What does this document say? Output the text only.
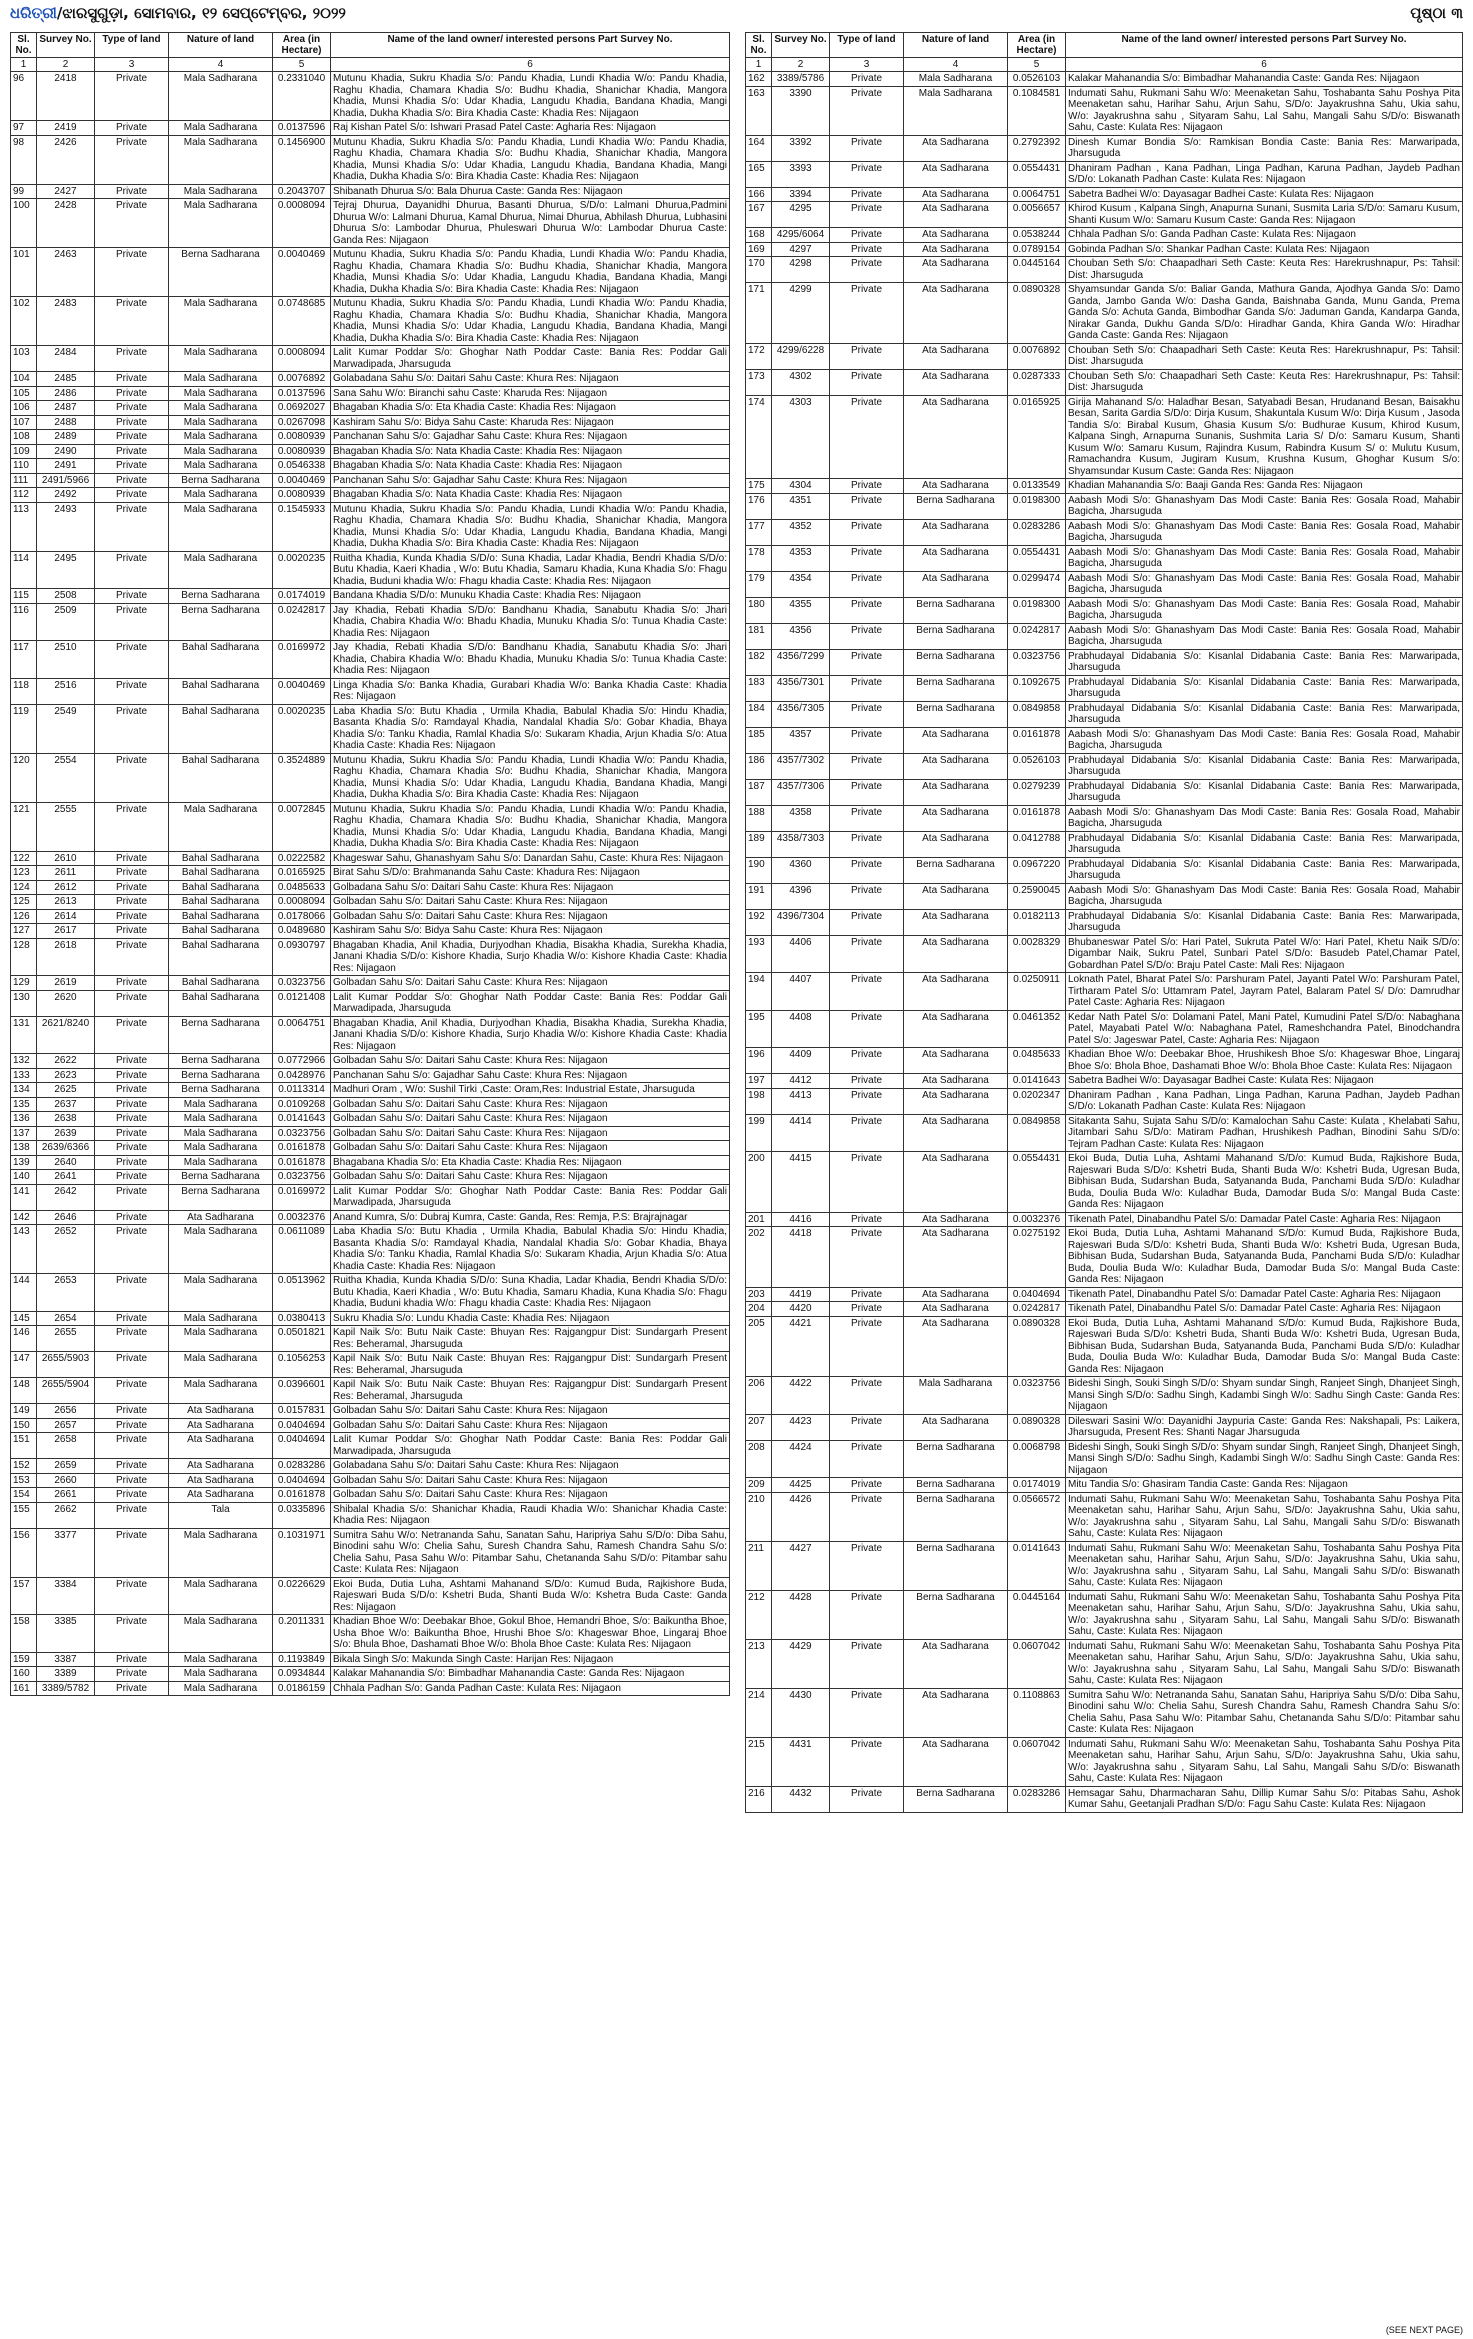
ଧରିତ୍ରୀ/ଝାରସୁଗୁଡ଼ା, ସୋମବାର, ୧୨ ସେପ୍ଟେମ୍ବର, ୨୦୨୨	ପୃଷ୍ଠା ୩
Sl. No.	Survey No.	Type of land	Nature of land	Area (in Hectare)	Name of the land owner/ interested persons Part Survey No.
1	2	3	4	5	6
96	2418	Private	Mala Sadharana	0.2331040	Mutunu Khadia, Sukru Khadia S/o: Pandu Khadia, Lundi Khadia W/o: Pandu Khadia, Raghu Khadia, Chamara Khadia S/o: Budhu Khadia, Shanichar Khadia, Mangora Khadia, Munsi Khadia S/o: Udar Khadia, Langudu Khadia, Bandana Khadia, Mangi Khadia, Dukha Khadia S/o: Bira Khadia Caste: Khadia Res: Nijagaon
97	2419	Private	Mala Sadharana	0.0137596	Raj Kishan Patel S/o: Ishwari Prasad Patel Caste: Agharia Res: Nijagaon
98	2426	Private	Mala Sadharana	0.1456900	Mutunu Khadia, Sukru Khadia S/o: Pandu Khadia, Lundi Khadia W/o: Pandu Khadia, Raghu Khadia, Chamara Khadia S/o: Budhu Khadia, Shanichar Khadia, Mangora Khadia, Munsi Khadia S/o: Udar Khadia, Langudu Khadia, Bandana Khadia, Mangi Khadia, Dukha Khadia S/o: Bira Khadia Caste: Khadia Res: Nijagaon
99	2427	Private	Mala Sadharana	0.2043707	Shibanath Dhurua S/o: Bala Dhurua Caste: Ganda Res: Nijagaon
100	2428	Private	Mala Sadharana	0.0008094	Tejraj Dhurua, Dayanidhi Dhurua, Basanti Dhurua, S/D/o: Lalmani Dhurua,Padmini Dhurua W/o: Lalmani Dhurua, Kamal Dhurua, Nimai Dhurua, Abhilash Dhurua, Lubhasini Dhurua S/o: Lambodar Dhurua, Phuleswari Dhurua W/o: Lambodar Dhurua Caste: Ganda Res: Nijagaon
101	2463	Private	Berna Sadharana	0.0040469	Mutunu Khadia, Sukru Khadia S/o: Pandu Khadia, Lundi Khadia W/o: Pandu Khadia, Raghu Khadia, Chamara Khadia S/o: Budhu Khadia, Shanichar Khadia, Mangora Khadia, Munsi Khadia S/o: Udar Khadia, Langudu Khadia, Bandana Khadia, Mangi Khadia, Dukha Khadia S/o: Bira Khadia Caste: Khadia Res: Nijagaon
102	2483	Private	Mala Sadharana	0.0748685	Mutunu Khadia, Sukru Khadia S/o: Pandu Khadia, Lundi Khadia W/o: Pandu Khadia, Raghu Khadia, Chamara Khadia S/o: Budhu Khadia, Shanichar Khadia, Mangora Khadia, Munsi Khadia S/o: Udar Khadia, Langudu Khadia, Bandana Khadia, Mangi Khadia, Dukha Khadia S/o: Bira Khadia Caste: Khadia Res: Nijagaon
103	2484	Private	Mala Sadharana	0.0008094	Lalit Kumar Poddar S/o: Ghoghar Nath Poddar Caste: Bania Res: Poddar Gali Marwadipada, Jharsuguda
104	2485	Private	Mala Sadharana	0.0076892	Golabadana Sahu S/o: Daitari Sahu Caste: Khura Res: Nijagaon
105	2486	Private	Mala Sadharana	0.0137596	Sana Sahu W/o: Biranchi sahu Caste: Kharuda Res: Nijagaon
106	2487	Private	Mala Sadharana	0.0692027	Bhagaban Khadia S/o: Eta Khadia Caste: Khadia Res: Nijagaon
107	2488	Private	Mala Sadharana	0.0267098	Kashiram Sahu S/o: Bidya Sahu Caste: Kharuda Res: Nijagaon
108	2489	Private	Mala Sadharana	0.0080939	Panchanan Sahu S/o: Gajadhar Sahu Caste: Khura Res: Nijagaon
109	2490	Private	Mala Sadharana	0.0080939	Bhagaban Khadia S/o: Nata Khadia Caste: Khadia Res: Nijagaon
110	2491	Private	Mala Sadharana	0.0546338	Bhagaban Khadia S/o: Nata Khadia Caste: Khadia Res: Nijagaon
111	2491/5966	Private	Berna Sadharana	0.0040469	Panchanan Sahu S/o: Gajadhar Sahu Caste: Khura Res: Nijagaon
112	2492	Private	Mala Sadharana	0.0080939	Bhagaban Khadia S/o: Nata Khadia Caste: Khadia Res: Nijagaon
113	2493	Private	Mala Sadharana	0.1545933	Mutunu Khadia, Sukru Khadia S/o: Pandu Khadia, Lundi Khadia W/o: Pandu Khadia, Raghu Khadia, Chamara Khadia S/o: Budhu Khadia, Shanichar Khadia, Mangora Khadia, Munsi Khadia S/o: Udar Khadia, Langudu Khadia, Bandana Khadia, Mangi Khadia, Dukha Khadia S/o: Bira Khadia Caste: Khadia Res: Nijagaon
114	2495	Private	Mala Sadharana	0.0020235	Ruitha Khadia, Kunda Khadia S/D/o: Suna Khadia, Ladar Khadia, Bendri Khadia S/D/o: Butu Khadia, Kaeri Khadia , W/o: Butu Khadia, Samaru Khadia, Kuna Khadia S/o: Fhagu Khadia, Buduni khadia W/o: Fhagu khadia Caste: Khadia Res: Nijagaon
115	2508	Private	Berna Sadharana	0.0174019	Bandana Khadia S/D/o: Munuku Khadia Caste: Khadia Res: Nijagaon
116	2509	Private	Berna Sadharana	0.0242817	Jay Khadia, Rebati Khadia S/D/o: Bandhanu Khadia, Sanabutu Khadia S/o: Jhari Khadia, Chabira Khadia W/o: Bhadu Khadia, Munuku Khadia S/o: Tunua Khadia Caste: Khadia Res: Nijagaon
117	2510	Private	Bahal Sadharana	0.0169972	Jay Khadia, Rebati Khadia S/D/o: Bandhanu Khadia, Sanabutu Khadia S/o: Jhari Khadia, Chabira Khadia W/o: Bhadu Khadia, Munuku Khadia S/o: Tunua Khadia Caste: Khadia Res: Nijagaon
118	2516	Private	Bahal Sadharana	0.0040469	Linga Khadia S/o: Banka Khadia, Gurabari Khadia W/o: Banka Khadia Caste: Khadia Res: Nijagaon
119	2549	Private	Bahal Sadharana	0.0020235	Laba Khadia S/o: Butu Khadia , Urmila Khadia, Babulal Khadia S/o: Hindu Khadia, Basanta Khadia S/o: Ramdayal Khadia, Nandalal Khadia S/o: Gobar Khadia, Bhaya Khadia S/o: Tanku Khadia, Ramlal Khadia S/o: Sukaram Khadia, Arjun Khadia S/o: Atua Khadia Caste: Khadia Res: Nijagaon
120	2554	Private	Bahal Sadharana	0.3524889	Mutunu Khadia, Sukru Khadia S/o: Pandu Khadia, Lundi Khadia W/o: Pandu Khadia, Raghu Khadia, Chamara Khadia S/o: Budhu Khadia, Shanichar Khadia, Mangora Khadia, Munsi Khadia S/o: Udar Khadia, Langudu Khadia, Bandana Khadia, Mangi Khadia, Dukha Khadia S/o: Bira Khadia Caste: Khadia Res: Nijagaon
121	2555	Private	Mala Sadharana	0.0072845	Mutunu Khadia, Sukru Khadia S/o: Pandu Khadia, Lundi Khadia W/o: Pandu Khadia, Raghu Khadia, Chamara Khadia S/o: Budhu Khadia, Shanichar Khadia, Mangora Khadia, Munsi Khadia S/o: Udar Khadia, Langudu Khadia, Bandana Khadia, Mangi Khadia, Dukha Khadia S/o: Bira Khadia Caste: Khadia Res: Nijagaon
122	2610	Private	Bahal Sadharana	0.0222582	Khageswar Sahu, Ghanashyam Sahu S/o: Danardan Sahu, Caste: Khura Res: Nijagaon
123	2611	Private	Bahal Sadharana	0.0165925	Birat Sahu S/D/o: Brahmananda Sahu Caste: Khadura Res: Nijagaon
124	2612	Private	Bahal Sadharana	0.0485633	Golbadana Sahu S/o: Daitari Sahu Caste: Khura Res: Nijagaon
125	2613	Private	Bahal Sadharana	0.0008094	Golbadan Sahu S/o: Daitari Sahu Caste: Khura Res: Nijagaon
126	2614	Private	Bahal Sadharana	0.0178066	Golbadan Sahu S/o: Daitari Sahu Caste: Khura Res: Nijagaon
127	2617	Private	Bahal Sadharana	0.0489680	Kashiram Sahu S/o: Bidya Sahu Caste: Khura Res: Nijagaon
128	2618	Private	Bahal Sadharana	0.0930797	Bhagaban Khadia, Anil Khadia, Durjyodhan Khadia, Bisakha Khadia, Surekha Khadia, Janani Khadia S/D/o: Kishore Khadia, Surjo Khadia W/o: Kishore Khadia Caste: Khadia Res: Nijagaon
129	2619	Private	Bahal Sadharana	0.0323756	Golbadan Sahu S/o: Daitari Sahu Caste: Khura Res: Nijagaon
130	2620	Private	Bahal Sadharana	0.0121408	Lalit Kumar Poddar S/o: Ghoghar Nath Poddar Caste: Bania Res: Poddar Gali Marwadipada, Jharsuguda
131	2621/8240	Private	Berna Sadharana	0.0064751	Bhagaban Khadia, Anil Khadia, Durjyodhan Khadia, Bisakha Khadia, Surekha Khadia, Janani Khadia S/D/o: Kishore Khadia, Surjo Khadia W/o: Kishore Khadia Caste: Khadia Res: Nijagaon
132	2622	Private	Berna Sadharana	0.0772966	Golbadan Sahu S/o: Daitari Sahu Caste: Khura Res: Nijagaon
133	2623	Private	Berna Sadharana	0.0428976	Panchanan Sahu S/o: Gajadhar Sahu Caste: Khura Res: Nijagaon
134	2625	Private	Berna Sadharana	0.0113314	Madhuri Oram , W/o: Sushil Tirki ,Caste: Oram,Res: Industrial Estate, Jharsuguda
135	2637	Private	Mala Sadharana	0.0109268	Golbadan Sahu S/o: Daitari Sahu Caste: Khura Res: Nijagaon
136	2638	Private	Mala Sadharana	0.0141643	Golbadan Sahu S/o: Daitari Sahu Caste: Khura Res: Nijagaon
137	2639	Private	Mala Sadharana	0.0323756	Golbadan Sahu S/o: Daitari Sahu Caste: Khura Res: Nijagaon
138	2639/6366	Private	Mala Sadharana	0.0161878	Golbadan Sahu S/o: Daitari Sahu Caste: Khura Res: Nijagaon
139	2640	Private	Mala Sadharana	0.0161878	Bhagabana Khadia S/o: Eta Khadia Caste: Khadia Res: Nijagaon
140	2641	Private	Berna Sadharana	0.0323756	Golbadan Sahu S/o: Daitari Sahu Caste: Khura Res: Nijagaon
141	2642	Private	Berna Sadharana	0.0169972	Lalit Kumar Poddar S/o: Ghoghar Nath Poddar Caste: Bania Res: Poddar Gali Marwadipada, Jharsuguda
142	2646	Private	Ata Sadharana	0.0032376	Anand Kumra, S/o: Dubraj Kumra, Caste: Ganda, Res: Remja, P.S: Brajrajnagar
143	2652	Private	Mala Sadharana	0.0611089	Laba Khadia S/o: Butu Khadia , Urmila Khadia, Babulal Khadia S/o: Hindu Khadia, Basanta Khadia S/o: Ramdayal Khadia, Nandalal Khadia S/o: Gobar Khadia, Bhaya Khadia S/o: Tanku Khadia, Ramlal Khadia S/o: Sukaram Khadia, Arjun Khadia S/o: Atua Khadia Caste: Khadia Res: Nijagaon
144	2653	Private	Mala Sadharana	0.0513962	Ruitha Khadia, Kunda Khadia S/D/o: Suna Khadia, Ladar Khadia, Bendri Khadia S/D/o: Butu Khadia, Kaeri Khadia , W/o: Butu Khadia, Samaru Khadia, Kuna Khadia S/o: Fhagu Khadia, Buduni khadia W/o: Fhagu khadia Caste: Khadia Res: Nijagaon
145	2654	Private	Mala Sadharana	0.0380413	Sukru Khadia S/o: Lundu Khadia Caste: Khadia Res: Nijagaon
146	2655	Private	Mala Sadharana	0.0501821	Kapil Naik S/o: Butu Naik Caste: Bhuyan Res: Rajgangpur Dist: Sundargarh Present Res: Beheramal, Jharsuguda
147	2655/5903	Private	Mala Sadharana	0.1056253	Kapil Naik S/o: Butu Naik Caste: Bhuyan Res: Rajgangpur Dist: Sundargarh Present Res: Beheramal, Jharsuguda
148	2655/5904	Private	Mala Sadharana	0.0396601	Kapil Naik S/o: Butu Naik Caste: Bhuyan Res: Rajgangpur Dist: Sundargarh Present Res: Beheramal, Jharsuguda
149	2656	Private	Ata Sadharana	0.0157831	Golbadan Sahu S/o: Daitari Sahu Caste: Khura Res: Nijagaon
150	2657	Private	Ata Sadharana	0.0404694	Golbadan Sahu S/o: Daitari Sahu Caste: Khura Res: Nijagaon
151	2658	Private	Ata Sadharana	0.0404694	Lalit Kumar Poddar S/o: Ghoghar Nath Poddar Caste: Bania Res: Poddar Gali Marwadipada, Jharsuguda
152	2659	Private	Ata Sadharana	0.0283286	Golabadana Sahu S/o: Daitari Sahu Caste: Khura Res: Nijagaon
153	2660	Private	Ata Sadharana	0.0404694	Golbadan Sahu S/o: Daitari Sahu Caste: Khura Res: Nijagaon
154	2661	Private	Ata Sadharana	0.0161878	Golbadan Sahu S/o: Daitari Sahu Caste: Khura Res: Nijagaon
155	2662	Private	Tala	0.0335896	Shibalal Khadia S/o: Shanichar Khadia, Raudi Khadia W/o: Shanichar Khadia Caste: Khadia Res: Nijagaon
156	3377	Private	Mala Sadharana	0.1031971	Sumitra Sahu W/o: Netrananda Sahu, Sanatan Sahu, Haripriya Sahu S/D/o: Diba Sahu, Binodini sahu W/o: Chelia Sahu, Suresh Chandra Sahu, Ramesh Chandra Sahu S/o: Chelia Sahu, Pasa Sahu W/o: Pitambar Sahu, Chetananda Sahu S/D/o: Pitambar sahu Caste: Kulata Res: Nijagaon
157	3384	Private	Mala Sadharana	0.0226629	Ekoi Buda, Dutia Luha, Ashtami Mahanand S/D/o: Kumud Buda, Rajkishore Buda, Rajeswari Buda S/D/o: Kshetri Buda, Shanti Buda W/o: Kshetra Buda Caste: Ganda Res: Nijagaon
158	3385	Private	Mala Sadharana	0.2011331	Khadian Bhoe W/o: Deebakar Bhoe, Gokul Bhoe, Hemandri Bhoe, S/o: Baikuntha Bhoe, Usha Bhoe W/o: Baikuntha Bhoe, Hrushi Bhoe S/o: Khageswar Bhoe, Lingaraj Bhoe S/o: Bhula Bhoe, Dashamati Bhoe W/o: Bhola Bhoe Caste: Kulata Res: Nijagaon
159	3387	Private	Mala Sadharana	0.1193849	Bikala Singh S/o: Makunda Singh Caste: Harijan Res: Nijagaon
160	3389	Private	Mala Sadharana	0.0934844	Kalakar Mahanandia S/o: Bimbadhar Mahanandia Caste: Ganda Res: Nijagaon
161	3389/5782	Private	Mala Sadharana	0.0186159	Chhala Padhan S/o: Ganda Padhan Caste: Kulata Res: Nijagaon
Sl. No.	Survey No.	Type of land	Nature of land	Area (in Hectare)	Name of the land owner/ interested persons Part Survey No.
1	2	3	4	5	6
162	3389/5786	Private	Mala Sadharana	0.0526103	Kalakar Mahanandia S/o: Bimbadhar Mahanandia Caste: Ganda Res: Nijagaon
163	3390	Private	Mala Sadharana	0.1084581	Indumati Sahu, Rukmani Sahu W/o: Meenaketan Sahu, Toshabanta Sahu Poshya Pita Meenaketan sahu, Harihar Sahu, Arjun Sahu, S/D/o: Jayakrushna Sahu, Ukia sahu, W/o: Jayakrushna sahu , Sityaram Sahu, Lal Sahu, Mangali Sahu S/D/o: Biswanath Sahu, Caste: Kulata Res: Nijagaon
164	3392	Private	Ata Sadharana	0.2792392	Dinesh Kumar Bondia S/o: Ramkisan Bondia Caste: Bania Res: Marwaripada, Jharsuguda
165	3393	Private	Ata Sadharana	0.0554431	Dhaniram Padhan , Kana Padhan, Linga Padhan, Karuna Padhan, Jaydeb Padhan S/D/o: Lokanath Padhan Caste: Kulata Res: Nijagaon
166	3394	Private	Ata Sadharana	0.0064751	Sabetra Badhei W/o: Dayasagar Badhei Caste: Kulata Res: Nijagaon
167	4295	Private	Ata Sadharana	0.0056657	Khirod Kusum , Kalpana Singh, Anapurna Sunani, Susmita Laria S/D/o: Samaru Kusum, Shanti Kusum W/o: Samaru Kusum Caste: Ganda Res: Nijagaon
168	4295/6064	Private	Ata Sadharana	0.0538244	Chhala Padhan S/o: Ganda Padhan Caste: Kulata Res: Nijagaon
169	4297	Private	Ata Sadharana	0.0789154	Gobinda Padhan S/o: Shankar Padhan Caste: Kulata Res: Nijagaon
170	4298	Private	Ata Sadharana	0.0445164	Chouban Seth S/o: Chaapadhari Seth Caste: Keuta Res: Harekrushnapur, Ps: Tahsil: Dist: Jharsuguda
171	4299	Private	Ata Sadharana	0.0890328	Shyamsundar Ganda S/o: Baliar Ganda, Mathura Ganda, Ajodhya Ganda S/o: Damo Ganda, Jambo Ganda W/o: Dasha Ganda, Baishnaba Ganda, Munu Ganda, Prema Ganda S/o: Achuta Ganda, Bimbodhar Ganda S/o: Jaduman Ganda, Kandarpa Ganda, Nirakar Ganda, Dukhu Ganda S/D/o: Hiradhar Ganda, Khira Ganda W/o: Hiradhar Ganda Caste: Ganda Res: Nijagaon
172	4299/6228	Private	Ata Sadharana	0.0076892	Chouban Seth S/o: Chaapadhari Seth Caste: Keuta Res: Harekrushnapur, Ps: Tahsil: Dist: Jharsuguda
173	4302	Private	Ata Sadharana	0.0287333	Chouban Seth S/o: Chaapadhari Seth Caste: Keuta Res: Harekrushnapur, Ps: Tahsil: Dist: Jharsuguda
174	4303	Private	Ata Sadharana	0.0165925	Girija Mahanand S/o: Haladhar Besan, Satyabadi Besan, Hrudanand Besan, Baisakhu Besan, Sarita Gardia S/D/o: Dirja Kusum, Shakuntala Kusum W/o: Dirja Kusum , Jasoda Tandia S/o: Birabal Kusum, Ghasia Kusum S/o: Budhurae Kusum, Khirod Kusum, Kalpana Singh, Arnapurna Sunanis, Sushmita Laria S/ D/o: Samaru Kusum, Shanti Kusum W/o: Samaru Kusum, Rajindra Kusum, Rabindra Kusum S/ o: Mulutu Kusum, Ramachandra Kusum, Jugiram Kusum, Krushna Kusum, Ghoghar Kusum S/o: Shyamsundar Kusum Caste: Ganda Res: Nijagaon
175	4304	Private	Ata Sadharana	0.0133549	Khadian Mahanandia S/o: Baaji Ganda Res: Ganda Res: Nijagaon
176	4351	Private	Berna Sadharana	0.0198300	Aabash Modi S/o: Ghanashyam Das Modi Caste: Bania Res: Gosala Road, Mahabir Bagicha, Jharsuguda
177	4352	Private	Ata Sadharana	0.0283286	Aabash Modi S/o: Ghanashyam Das Modi Caste: Bania Res: Gosala Road, Mahabir Bagicha, Jharsuguda
178	4353	Private	Ata Sadharana	0.0554431	Aabash Modi S/o: Ghanashyam Das Modi Caste: Bania Res: Gosala Road, Mahabir Bagicha, Jharsuguda
179	4354	Private	Ata Sadharana	0.0299474	Aabash Modi S/o: Ghanashyam Das Modi Caste: Bania Res: Gosala Road, Mahabir Bagicha, Jharsuguda
180	4355	Private	Berna Sadharana	0.0198300	Aabash Modi S/o: Ghanashyam Das Modi Caste: Bania Res: Gosala Road, Mahabir Bagicha, Jharsuguda
181	4356	Private	Berna Sadharana	0.0242817	Aabash Modi S/o: Ghanashyam Das Modi Caste: Bania Res: Gosala Road, Mahabir Bagicha, Jharsuguda
182	4356/7299	Private	Berna Sadharana	0.0323756	Prabhudayal Didabania S/o: Kisanlal Didabania Caste: Bania Res: Marwaripada, Jharsuguda
183	4356/7301	Private	Berna Sadharana	0.1092675	Prabhudayal Didabania S/o: Kisanlal Didabania Caste: Bania Res: Marwaripada, Jharsuguda
184	4356/7305	Private	Berna Sadharana	0.0849858	Prabhudayal Didabania S/o: Kisanlal Didabania Caste: Bania Res: Marwaripada, Jharsuguda
185	4357	Private	Ata Sadharana	0.0161878	Aabash Modi S/o: Ghanashyam Das Modi Caste: Bania Res: Gosala Road, Mahabir Bagicha, Jharsuguda
186	4357/7302	Private	Ata Sadharana	0.0526103	Prabhudayal Didabania S/o: Kisanlal Didabania Caste: Bania Res: Marwaripada, Jharsuguda
187	4357/7306	Private	Ata Sadharana	0.0279239	Prabhudayal Didabania S/o: Kisanlal Didabania Caste: Bania Res: Marwaripada, Jharsuguda
188	4358	Private	Ata Sadharana	0.0161878	Aabash Modi S/o: Ghanashyam Das Modi Caste: Bania Res: Gosala Road, Mahabir Bagicha, Jharsuguda
189	4358/7303	Private	Ata Sadharana	0.0412788	Prabhudayal Didabania S/o: Kisanlal Didabania Caste: Bania Res: Marwaripada, Jharsuguda
190	4360	Private	Berna Sadharana	0.0967220	Prabhudayal Didabania S/o: Kisanlal Didabania Caste: Bania Res: Marwaripada, Jharsuguda
191	4396	Private	Ata Sadharana	0.2590045	Aabash Modi S/o: Ghanashyam Das Modi Caste: Bania Res: Gosala Road, Mahabir Bagicha, Jharsuguda
192	4396/7304	Private	Ata Sadharana	0.0182113	Prabhudayal Didabania S/o: Kisanlal Didabania Caste: Bania Res: Marwaripada, Jharsuguda
193	4406	Private	Ata Sadharana	0.0028329	Bhubaneswar Patel S/o: Hari Patel, Sukruta Patel W/o: Hari Patel, Khetu Naik S/D/o: Digambar Naik, Sukru Patel, Sunbari Patel S/D/o: Basudeb Patel,Chamar Patel, Gobardhan Patel S/D/o: Braju Patel Caste: Mali Res: Nijagaon
194	4407	Private	Ata Sadharana	0.0250911	Loknath Patel, Bharat Patel S/o: Parshuram Patel, Jayanti Patel W/o: Parshuram Patel, Tirtharam Patel S/o: Uttamram Patel, Jayram Patel, Balaram Patel S/ D/o: Damrudhar Patel Caste: Agharia Res: Nijagaon
195	4408	Private	Ata Sadharana	0.0461352	Kedar Nath Patel S/o: Dolamani Patel, Mani Patel, Kumudini Patel S/D/o: Nabaghana Patel, Mayabati Patel W/o: Nabaghana Patel, Rameshchandra Patel, Binodchandra Patel S/o: Jageswar Patel, Caste: Agharia Res: Nijagaon
196	4409	Private	Ata Sadharana	0.0485633	Khadian Bhoe W/o: Deebakar Bhoe, Hrushikesh Bhoe S/o: Khageswar Bhoe, Lingaraj Bhoe S/o: Bhola Bhoe, Dashamati Bhoe W/o: Bhola Bhoe Caste: Kulata Res: Nijagaon
197	4412	Private	Ata Sadharana	0.0141643	Sabetra Badhei W/o: Dayasagar Badhei Caste: Kulata Res: Nijagaon
198	4413	Private	Ata Sadharana	0.0202347	Dhaniram Padhan , Kana Padhan, Linga Padhan, Karuna Padhan, Jaydeb Padhan S/D/o: Lokanath Padhan Caste: Kulata Res: Nijagaon
199	4414	Private	Ata Sadharana	0.0849858	Sitakanta Sahu, Sujata Sahu S/D/o: Kamalochan Sahu Caste: Kulata , Khelabati Sahu, Jitambari Sahu S/D/o: Matiram Padhan, Hrushikesh Padhan, Binodini Sahu S/D/o: Tejram Padhan Caste: Kulata Res: Nijagaon
200	4415	Private	Ata Sadharana	0.0554431	Ekoi Buda, Dutia Luha, Ashtami Mahanand S/D/o: Kumud Buda, Rajkishore Buda, Rajeswari Buda S/D/o: Kshetri Buda, Shanti Buda W/o: Kshetri Buda, Ugresan Buda, Bibhisan Buda, Sudarshan Buda, Satyananda Buda, Panchami Buda S/D/o: Kuladhar Buda, Doulia Buda W/o: Kuladhar Buda, Damodar Buda S/o: Mangal Buda Caste: Ganda Res: Nijagaon
201	4416	Private	Ata Sadharana	0.0032376	Tikenath Patel, Dinabandhu Patel S/o: Damadar Patel Caste: Agharia Res: Nijagaon
202	4418	Private	Ata Sadharana	0.0275192	Ekoi Buda, Dutia Luha, Ashtami Mahanand S/D/o: Kumud Buda, Rajkishore Buda, Rajeswari Buda S/D/o: Kshetri Buda, Shanti Buda W/o: Kshetri Buda, Ugresan Buda, Bibhisan Buda, Sudarshan Buda, Satyananda Buda, Panchami Buda S/D/o: Kuladhar Buda, Doulia Buda W/o: Kuladhar Buda, Damodar Buda S/o: Mangal Buda Caste: Ganda Res: Nijagaon
203	4419	Private	Ata Sadharana	0.0404694	Tikenath Patel, Dinabandhu Patel S/o: Damadar Patel Caste: Agharia Res: Nijagaon
204	4420	Private	Ata Sadharana	0.0242817	Tikenath Patel, Dinabandhu Patel S/o: Damadar Patel Caste: Agharia Res: Nijagaon
205	4421	Private	Ata Sadharana	0.0890328	Ekoi Buda, Dutia Luha, Ashtami Mahanand S/D/o: Kumud Buda, Rajkishore Buda, Rajeswari Buda S/D/o: Kshetri Buda, Shanti Buda W/o: Kshetri Buda, Ugresan Buda, Bibhisan Buda, Sudarshan Buda, Satyananda Buda, Panchami Buda S/D/o: Kuladhar Buda, Doulia Buda W/o: Kuladhar Buda, Damodar Buda S/o: Mangal Buda Caste: Ganda Res: Nijagaon
206	4422	Private	Mala Sadharana	0.0323756	Bideshi Singh, Souki Singh S/D/o: Shyam sundar Singh, Ranjeet Singh, Dhanjeet Singh, Mansi Singh S/D/o: Sadhu Singh, Kadambi Singh W/o: Sadhu Singh Caste: Ganda Res: Nijagaon
207	4423	Private	Ata Sadharana	0.0890328	Dileswari Sasini W/o: Dayanidhi Jaypuria Caste: Ganda Res: Nakshapali, Ps: Laikera, Jharsuguda, Present Res: Shanti Nagar Jharsuguda
208	4424	Private	Berna Sadharana	0.0068798	Bideshi Singh, Souki Singh S/D/o: Shyam sundar Singh, Ranjeet Singh, Dhanjeet Singh, Mansi Singh S/D/o: Sadhu Singh, Kadambi Singh W/o: Sadhu Singh Caste: Ganda Res: Nijagaon
209	4425	Private	Berna Sadharana	0.0174019	Mitu Tandia S/o: Ghasiram Tandia Caste: Ganda Res: Nijagaon
210	4426	Private	Berna Sadharana	0.0566572	Indumati Sahu, Rukmani Sahu W/o: Meenaketan Sahu, Toshabanta Sahu Poshya Pita Meenaketan sahu, Harihar Sahu, Arjun Sahu, S/D/o: Jayakrushna Sahu, Ukia sahu, W/o: Jayakrushna sahu , Sityaram Sahu, Lal Sahu, Mangali Sahu S/D/o: Biswanath Sahu, Caste: Kulata Res: Nijagaon
211	4427	Private	Berna Sadharana	0.0141643	Indumati Sahu, Rukmani Sahu W/o: Meenaketan Sahu, Toshabanta Sahu Poshya Pita Meenaketan sahu, Harihar Sahu, Arjun Sahu, S/D/o: Jayakrushna Sahu, Ukia sahu, W/o: Jayakrushna sahu , Sityaram Sahu, Lal Sahu, Mangali Sahu S/D/o: Biswanath Sahu, Caste: Kulata Res: Nijagaon
212	4428	Private	Berna Sadharana	0.0445164	Indumati Sahu, Rukmani Sahu W/o: Meenaketan Sahu, Toshabanta Sahu Poshya Pita Meenaketan sahu, Harihar Sahu, Arjun Sahu, S/D/o: Jayakrushna Sahu, Ukia sahu, W/o: Jayakrushna sahu , Sityaram Sahu, Lal Sahu, Mangali Sahu S/D/o: Biswanath Sahu, Caste: Kulata Res: Nijagaon
213	4429	Private	Ata Sadharana	0.0607042	Indumati Sahu, Rukmani Sahu W/o: Meenaketan Sahu, Toshabanta Sahu Poshya Pita Meenaketan sahu, Harihar Sahu, Arjun Sahu, S/D/o: Jayakrushna Sahu, Ukia sahu, W/o: Jayakrushna sahu , Sityaram Sahu, Lal Sahu, Mangali Sahu S/D/o: Biswanath Sahu, Caste: Kulata Res: Nijagaon
214	4430	Private	Ata Sadharana	0.1108863	Sumitra Sahu W/o: Netrananda Sahu, Sanatan Sahu, Haripriya Sahu S/D/o: Diba Sahu, Binodini sahu W/o: Chelia Sahu, Suresh Chandra Sahu, Ramesh Chandra Sahu S/o: Chelia Sahu, Pasa Sahu W/o: Pitambar Sahu, Chetananda Sahu S/D/o: Pitambar sahu Caste: Kulata Res: Nijagaon
215	4431	Private	Ata Sadharana	0.0607042	Indumati Sahu, Rukmani Sahu W/o: Meenaketan Sahu, Toshabanta Sahu Poshya Pita Meenaketan sahu, Harihar Sahu, Arjun Sahu, S/D/o: Jayakrushna Sahu, Ukia sahu, W/o: Jayakrushna sahu , Sityaram Sahu, Lal Sahu, Mangali Sahu S/D/o: Biswanath Sahu, Caste: Kulata Res: Nijagaon
216	4432	Private	Berna Sadharana	0.0283286	Hemsagar Sahu, Dharmacharan Sahu, Dillip Kumar Sahu S/o: Pitabas Sahu, Ashok Kumar Sahu, Geetanjali Pradhan S/D/o: Fagu Sahu Caste: Kulata Res: Nijagaon
(SEE NEXT PAGE)
